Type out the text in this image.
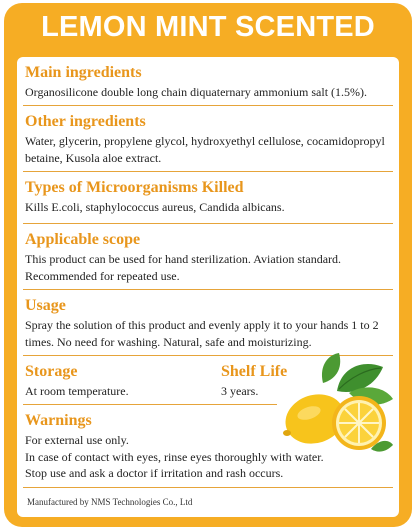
LEMON MINT SCENTED
Main ingredients
Organosilicone double long chain diquaternary ammonium salt (1.5%).
Other ingredients
Water, glycerin, propylene glycol, hydroxyethyl cellulose, cocamidopropyl betaine, Kusola aloe extract.
Types of Microorganisms Killed
Kills E.coli, staphylococcus aureus, Candida albicans.
Applicable scope
This product can be used for hand sterilization. Aviation standard. Recommended for repeated use.
Usage
Spray the solution of this product and evenly apply it to your hands 1 to 2 times. No need for washing. Natural, safe and moisturizing.
Storage
At room temperature.
Shelf Life
3 years.
Warnings
For external use only.
In case of contact with eyes, rinse eyes thoroughly with water.
Stop use and ask a doctor if irritation and rash occurs.
Manufactured by NMS Technologies Co., Ltd
